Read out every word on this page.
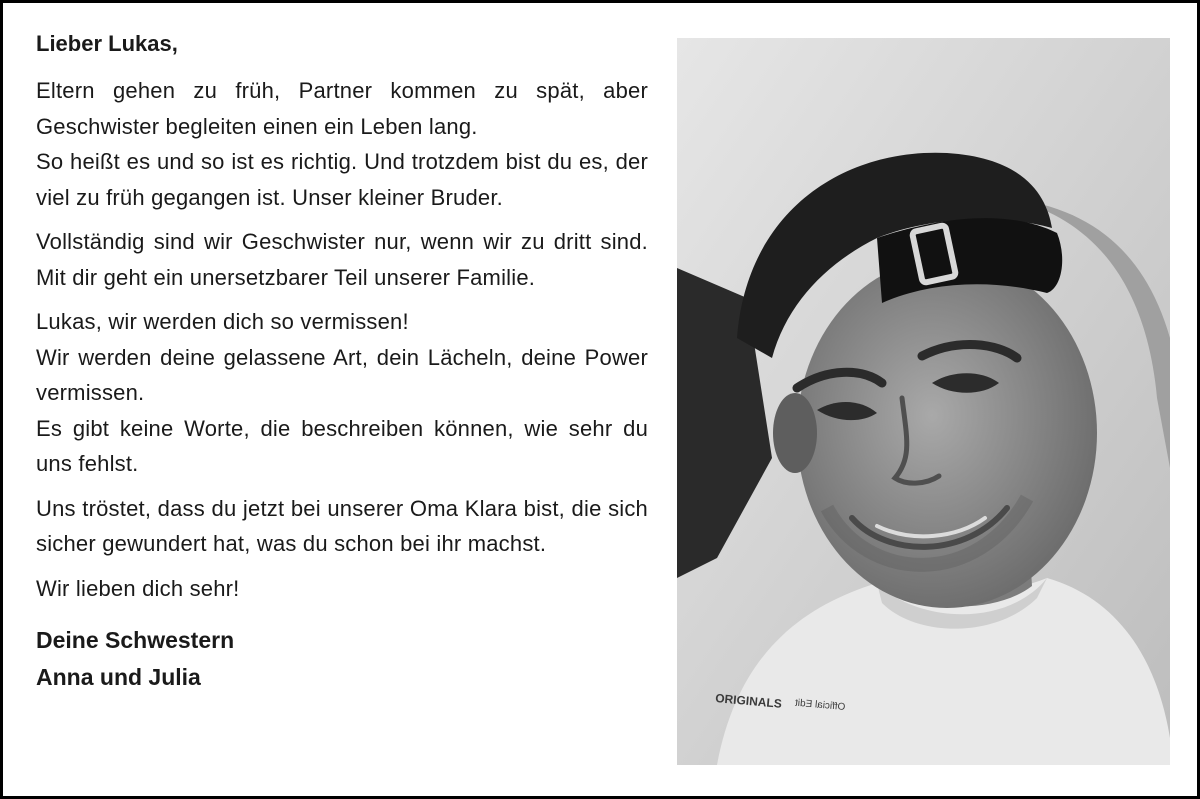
Lieber Lukas,
Eltern gehen zu früh, Partner kommen zu spät, aber Geschwister begleiten einen ein Leben lang.
So heißt es und so ist es richtig. Und trotzdem bist du es, der viel zu früh gegangen ist. Unser kleiner Bruder.
Vollständig sind wir Geschwister nur, wenn wir zu dritt sind. Mit dir geht ein unersetzbarer Teil unserer Familie.
Lukas, wir werden dich so vermissen!
Wir werden deine gelassene Art, dein Lächeln, deine Power vermissen.
Es gibt keine Worte, die beschreiben können, wie sehr du uns fehlst.
Uns tröstet, dass du jetzt bei unserer Oma Klara bist, die sich sicher gewundert hat, was du schon bei ihr machst.
Wir lieben dich sehr!
Deine Schwestern
Anna und Julia
ORIGINALS Official Edit
